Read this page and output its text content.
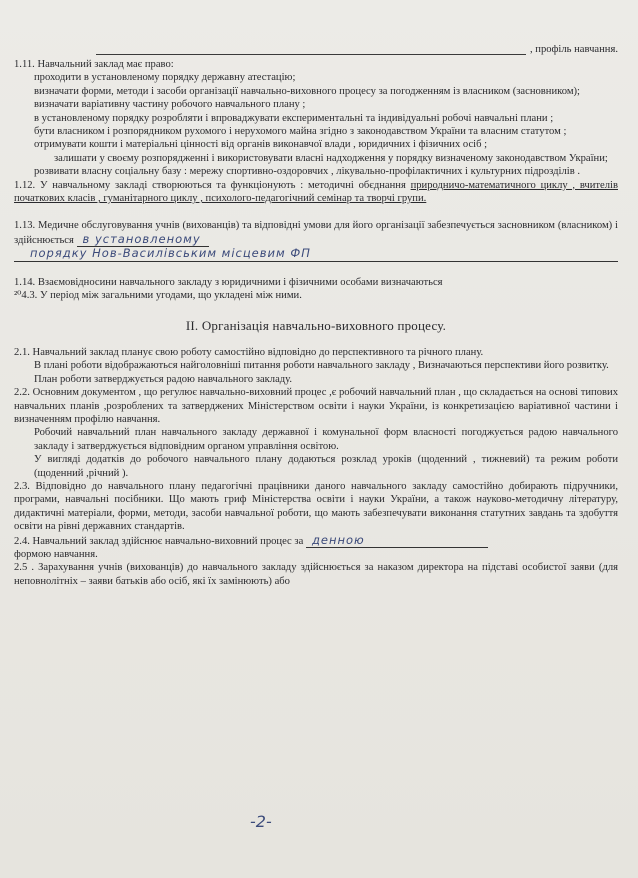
, профіль навчання.

1.11. Навчальний заклад має право:

проходити в установленому порядку державну атестацію;

визначати форми, методи і засоби організації навчально-виховного процесу за погодженням із власником (засновником);

визначати варіативну частину робочого навчального плану ;

в установленому порядку розробляти і впроваджувати експериментальні та індивідуальні робочі навчальні плани ;

бути власником і розпорядником рухомого і нерухомого майна згідно з законодавством України та власним статутом ;

отримувати кошти і матеріальні цінності від органів виконавчої влади , юридичних і фізичних осіб ;

залишати у своєму розпорядженні і використовувати власні надходження у порядку визначеному законодавством України;

розвивати власну соціальну базу : мережу спортивно-оздоровчих , лікувально-профілактичних і культурних підрозділів .

1.12. У навчальному закладі створюються та функціонують : методичні обєднання природничо-математичного циклу , вчителів початкових класів , гуманітарного циклу , психолого-педагогічний семінар та творчі групи.

1.13. Медичне обслуговування учнів (вихованців) та відповідні умови для його організації забезпечується засновником (власником) і здійснюється в установленому

порядку Нов-Василівським місцевим ФП

1.14. Взаємовідносини навчального закладу з юридичними і фізичними особами визначаються

²⁰4.3. У період між загальними угодами, що укладені між ними.

ІІ. Організація навчально-виховного процесу.

2.1. Навчальний заклад планує свою роботу самостійно відповідно до перспективного та річного плану.

В плані роботи відображаються найголовніші питання роботи навчального закладу , Визначаються перспективи його розвитку.

План роботи затверджується радою навчального закладу.

2.2. Основним документом , що регулює навчально-виховний процес ,є робочий навчальний план , що складається на основі типових навчальних планів ,розроблених та затверджених Міністерством освіти і науки України, із конкретизацією варіативної частини і визначенням профілю навчання.

Робочий навчальний план навчального закладу державної і комунальної форм власності погоджується радою навчального закладу і затверджується відповідним органом управління освітою.

У вигляді додатків до робочого навчального плану додаються розклад уроків (щоденний , тижневий) та режим роботи (щоденний ,річний ).

2.3. Відповідно до навчального плану педагогічні працівники даного навчального закладу самостійно добирають підручники, програми, навчальні посібники. Що мають гриф Міністерства освіти і науки України, а також науково-методичну літературу, дидактичні матеріали, форми, методи, засоби навчальної роботи, що мають забезпечувати виконання статутних завдань та здобуття освіти на рівні державних стандартів.

2.4. Навчальний заклад здійснює навчально-виховний процес за денною

формою навчання.

2.5 . Зарахування учнів (вихованців) до навчального закладу здійснюється за наказом директора на підставі особистої заяви (для неповнолітніх – заяви батьків або осіб, які їх замінюють) або

-2-
